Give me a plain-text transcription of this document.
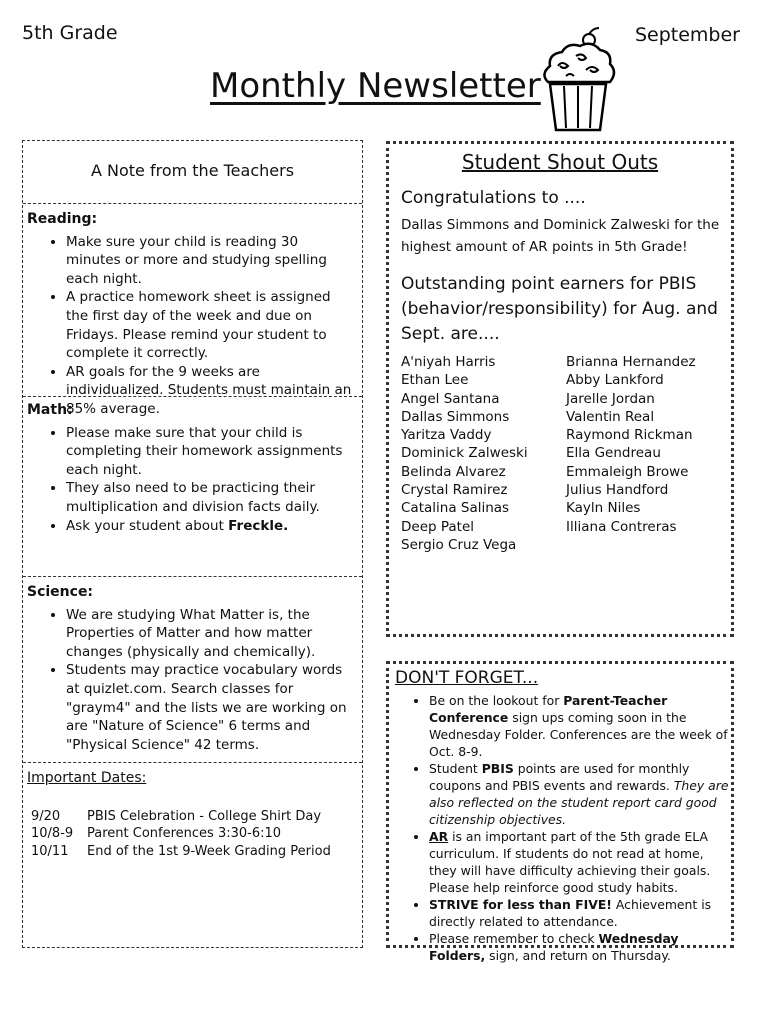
5th Grade	September
Monthly Newsletter
A Note from the Teachers
Reading:
• Make sure your child is reading 30 minutes or more and studying spelling each night.
• A practice homework sheet is assigned the first day of the week and due on Fridays. Please remind your student to complete it correctly.
• AR goals for the 9 weeks are individualized. Students must maintain an 85% average.
Math:
• Please make sure that your child is completing their homework assignments each night.
• They also need to be practicing their multiplication and division facts daily.
• Ask your student about Freckle.
Science:
• We are studying What Matter is, the Properties of Matter and how matter changes (physically and chemically).
• Students may practice vocabulary words at quizlet.com. Search classes for "graym4" and the lists we are working on are "Nature of Science" 6 terms and "Physical Science" 42 terms.
Important Dates:
9/20	PBIS Celebration - College Shirt Day
10/8-9	Parent Conferences 3:30-6:10
10/11	End of the 1st 9-Week Grading Period
Student Shout Outs
Congratulations to ....
Dallas Simmons and Dominick Zalweski for the highest amount of AR points in 5th Grade!
Outstanding point earners for PBIS (behavior/responsibility) for Aug. and Sept. are....
A'niyah Harris
Ethan Lee
Angel Santana
Dallas Simmons
Yaritza Vaddy
Dominick Zalweski
Belinda Alvarez
Crystal Ramirez
Catalina Salinas
Deep Patel
Sergio Cruz Vega
Brianna Hernandez
Abby Lankford
Jarelle Jordan
Valentin Real
Raymond Rickman
Ella Gendreau
Emmaleigh Browe
Julius Handford
Kayln Niles
Illiana Contreras
DON'T FORGET...
• Be on the lookout for Parent-Teacher Conference sign ups coming soon in the Wednesday Folder. Conferences are the week of Oct. 8-9.
• Student PBIS points are used for monthly coupons and PBIS events and rewards. They are also reflected on the student report card good citizenship objectives.
• AR is an important part of the 5th grade ELA curriculum. If students do not read at home, they will have difficulty achieving their goals. Please help reinforce good study habits.
• STRIVE for less than FIVE! Achievement is directly related to attendance.
• Please remember to check Wednesday Folders, sign, and return on Thursday.
